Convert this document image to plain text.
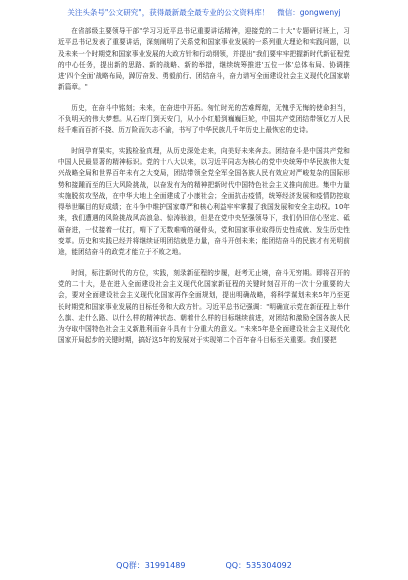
关注头条号"公文研究"，获得最新最全最专业的公文资料库！ 微信：gongwenyj

在省部级主要领导干部"学习习近平总书记重要讲话精神，迎接党的二十大"专题研讨班上，习近平总书记发表了重要讲话，深刻阐明了关系党和国家事业发展的一系列重大理论和实践问题，以及未来一个时期党和国家事业发展的大政方针和行动纲领，并提出"我们要牢牢把握新时代新征程党的中心任务，提出新的思路、新的战略、新的举措，继续统筹推进'五位一体'总体布局、协调推进'四个全面'战略布局，踔厉奋发、勇毅前行、团结奋斗，奋力谱写全面建设社会主义现代化国家崭新篇章。"

历史，在奋斗中铭刻；未来，在奋进中开拓。匆忙时光的苦难辉煌，无愧乎无悔的使命担当，不负明天的伟大梦想。从石库门到天安门，从小小红船到巍巍巨轮，中国共产党团结带领亿万人民经千难而百折不挠、历万险而矢志不渝，书写了中华民族几千年历史上最恢宏的史诗。

时间孕育果实，实践检验真理，从历史深处走来，向美好未来奔去。团结奋斗是中国共产党和中国人民最显著的精神标识。党的十八大以来，以习近平同志为核心的党中央统筹中华民族伟大复兴战略全局和世界百年未有之大变局，团结带领全党全军全国各族人民有效应对严峻复杂的国际形势和接踵而至的巨大风险挑战，以奋发有为的精神把新时代中国特色社会主义推向前进。集中力量实施脱贫攻坚战，在中华大地上全面建成了小康社会；全面抗击疫情，统筹经济发展和疫情防控取得举世瞩目的好成绩；在斗争中维护国家尊严和核心利益牢牢掌握了我国发展和安全主动权。10年来，我们遭遇的风险挑战风高浪急、惊涛骇浪，但是在党中央坚强领导下，我们仍旧信心坚定、砥砺奋进，一仗接着一仗打，啃下了无数难啃的硬骨头，党和国家事业取得历史性成就、发生历史性变革。历史和实践已经并将继续证明团结就是力量，奋斗开创未来；能团结奋斗的民族才有光明前途，能团结奋斗的政党才能立于不败之地。

时间，标注新时代的方位，实践，刻录新征程的步履，赶考无止境，奋斗无穷期。即将召开的党的二十大，是在进入全面建设社会主义现代化国家新征程的关键时刻召开的一次十分重要的大会，要对全面建设社会主义现代化国家再作全面规划，提出明确战略，将科学谋划未来5年乃至更长时期党和国家事业发展的目标任务和大政方针。习近平总书记强调："明确宣示党在新征程上举什么旗、走什么路、以什么样的精神状态、朝着什么样的目标继续前进，对团结和激励全国各族人民为夺取中国特色社会主义新胜利而奋斗具有十分重大的意义。"未来5年是全面建设社会主义现代化国家开局起步的关键时期，搞好这5年的发展对于实现第二个百年奋斗目标至关重要。我们要把

QQ群：31991489	QQ：535304092
